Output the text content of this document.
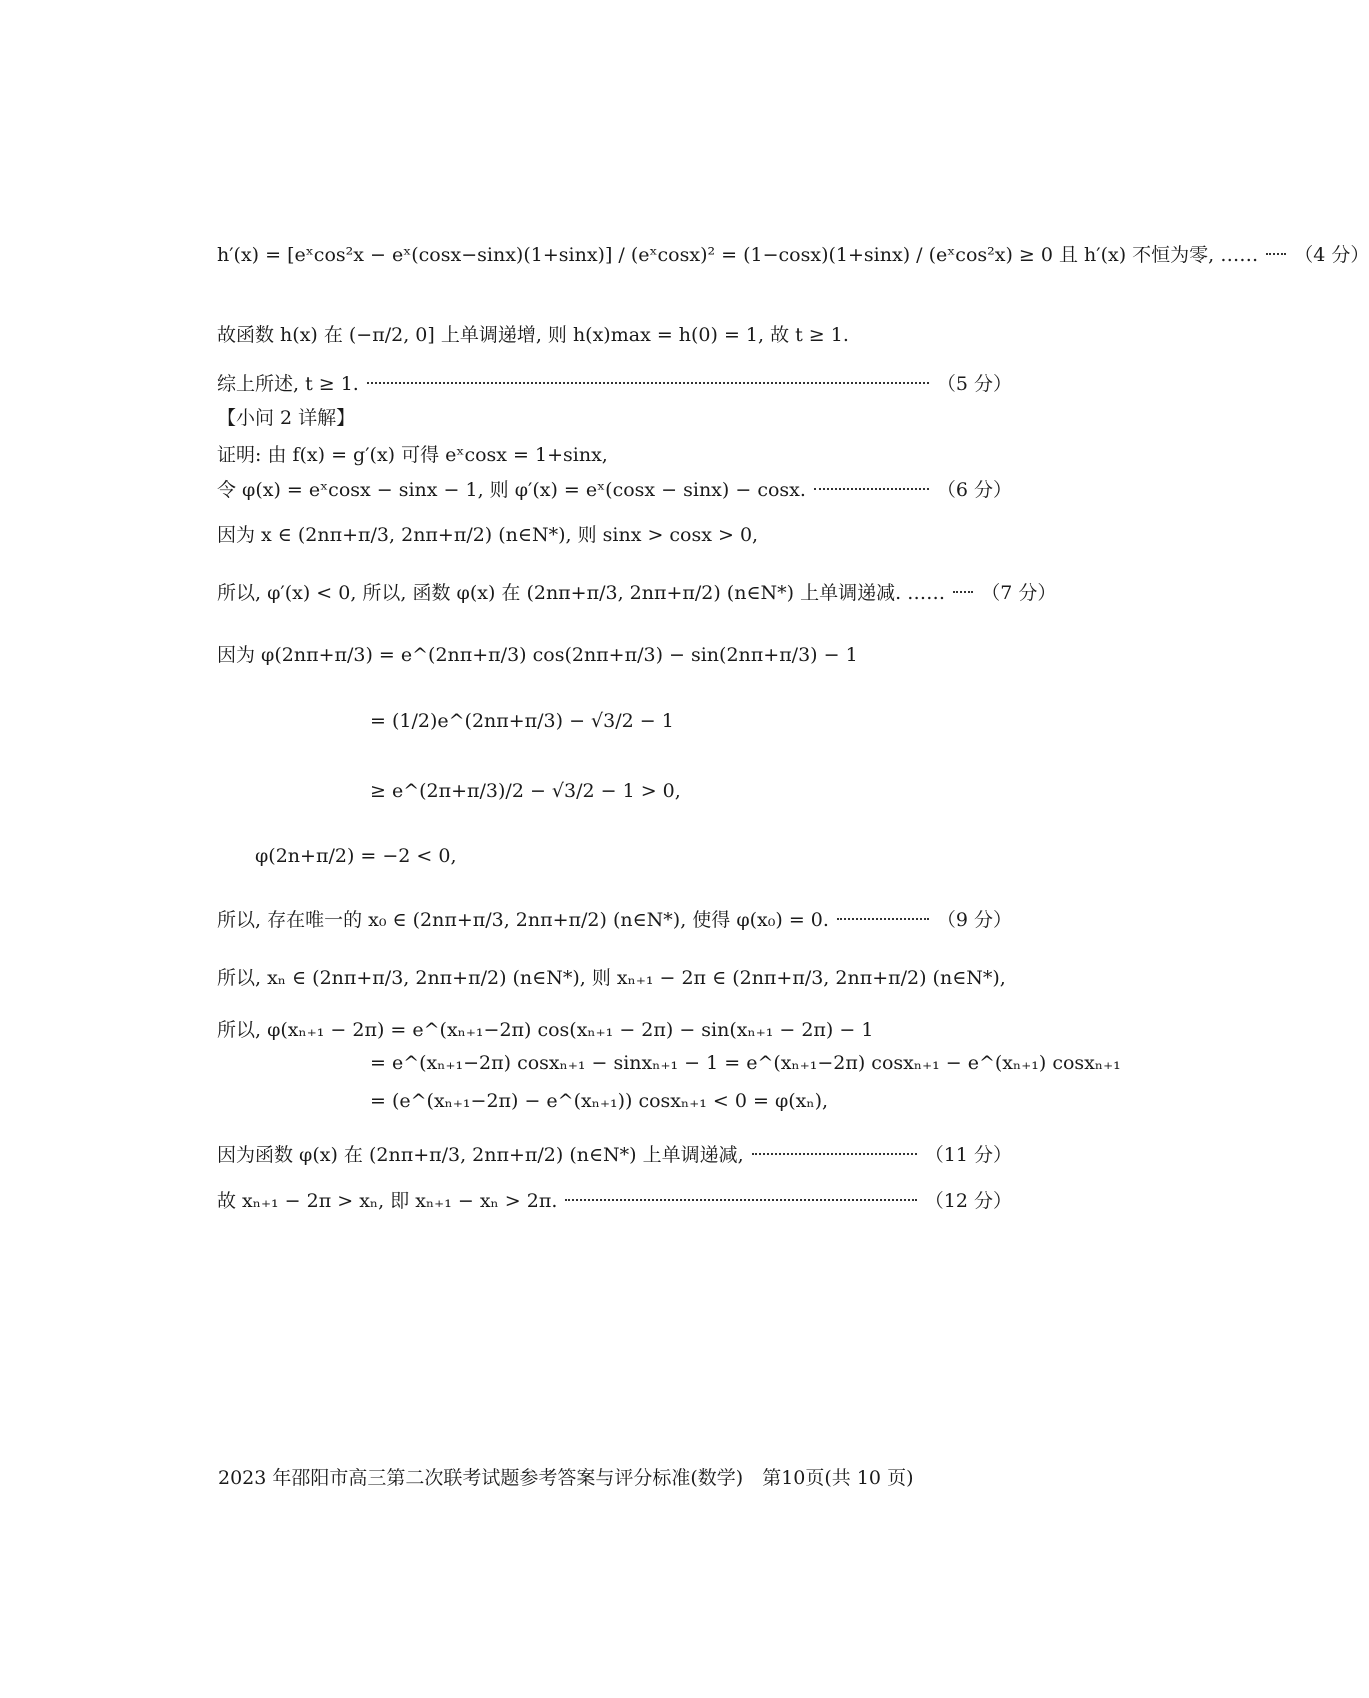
h′(x) = [eˣcos²x − eˣ(cosx−sinx)(1+sinx)] / (eˣcosx)² = (1−cosx)(1+sinx) / (eˣcos²x) ≥ 0 且 h′(x) 不恒为零, …… （4 分）
故函数 h(x) 在 (−π/2, 0] 上单调递增, 则 h(x)max = h(0) = 1, 故 t ≥ 1.
综上所述, t ≥ 1.	（5 分）
【小问 2 详解】
证明: 由 f(x) = g′(x) 可得 eˣcosx = 1+sinx,
令 φ(x) = eˣcosx − sinx − 1, 则 φ′(x) = eˣ(cosx − sinx) − cosx.	（6 分）
因为 x ∈ (2nπ+π/3, 2nπ+π/2) (n∈N*), 则 sinx > cosx > 0,
所以, φ′(x) < 0, 所以, 函数 φ(x) 在 (2nπ+π/3, 2nπ+π/2) (n∈N*) 上单调递减. …… （7 分）
因为 φ(2nπ+π/3) = e^(2nπ+π/3) cos(2nπ+π/3) − sin(2nπ+π/3) − 1
= (1/2)e^(2nπ+π/3) − √3/2 − 1
≥ e^(2π+π/3)/2 − √3/2 − 1 > 0,
φ(2n+π/2) = −2 < 0,
所以, 存在唯一的 x₀ ∈ (2nπ+π/3, 2nπ+π/2) (n∈N*), 使得 φ(x₀) = 0.	（9 分）
所以, xₙ ∈ (2nπ+π/3, 2nπ+π/2) (n∈N*), 则 xₙ₊₁ − 2π ∈ (2nπ+π/3, 2nπ+π/2) (n∈N*),
所以, φ(xₙ₊₁ − 2π) = e^(xₙ₊₁−2π) cos(xₙ₊₁ − 2π) − sin(xₙ₊₁ − 2π) − 1
= e^(xₙ₊₁−2π) cosxₙ₊₁ − sinxₙ₊₁ − 1 = e^(xₙ₊₁−2π) cosxₙ₊₁ − e^(xₙ₊₁) cosxₙ₊₁
= (e^(xₙ₊₁−2π) − e^(xₙ₊₁)) cosxₙ₊₁ < 0 = φ(xₙ),
因为函数 φ(x) 在 (2nπ+π/3, 2nπ+π/2) (n∈N*) 上单调递减,	（11 分）
故 xₙ₊₁ − 2π > xₙ, 即 xₙ₊₁ − xₙ > 2π.	（12 分）
2023 年邵阳市高三第二次联考试题参考答案与评分标准(数学)　第10页(共 10 页)
